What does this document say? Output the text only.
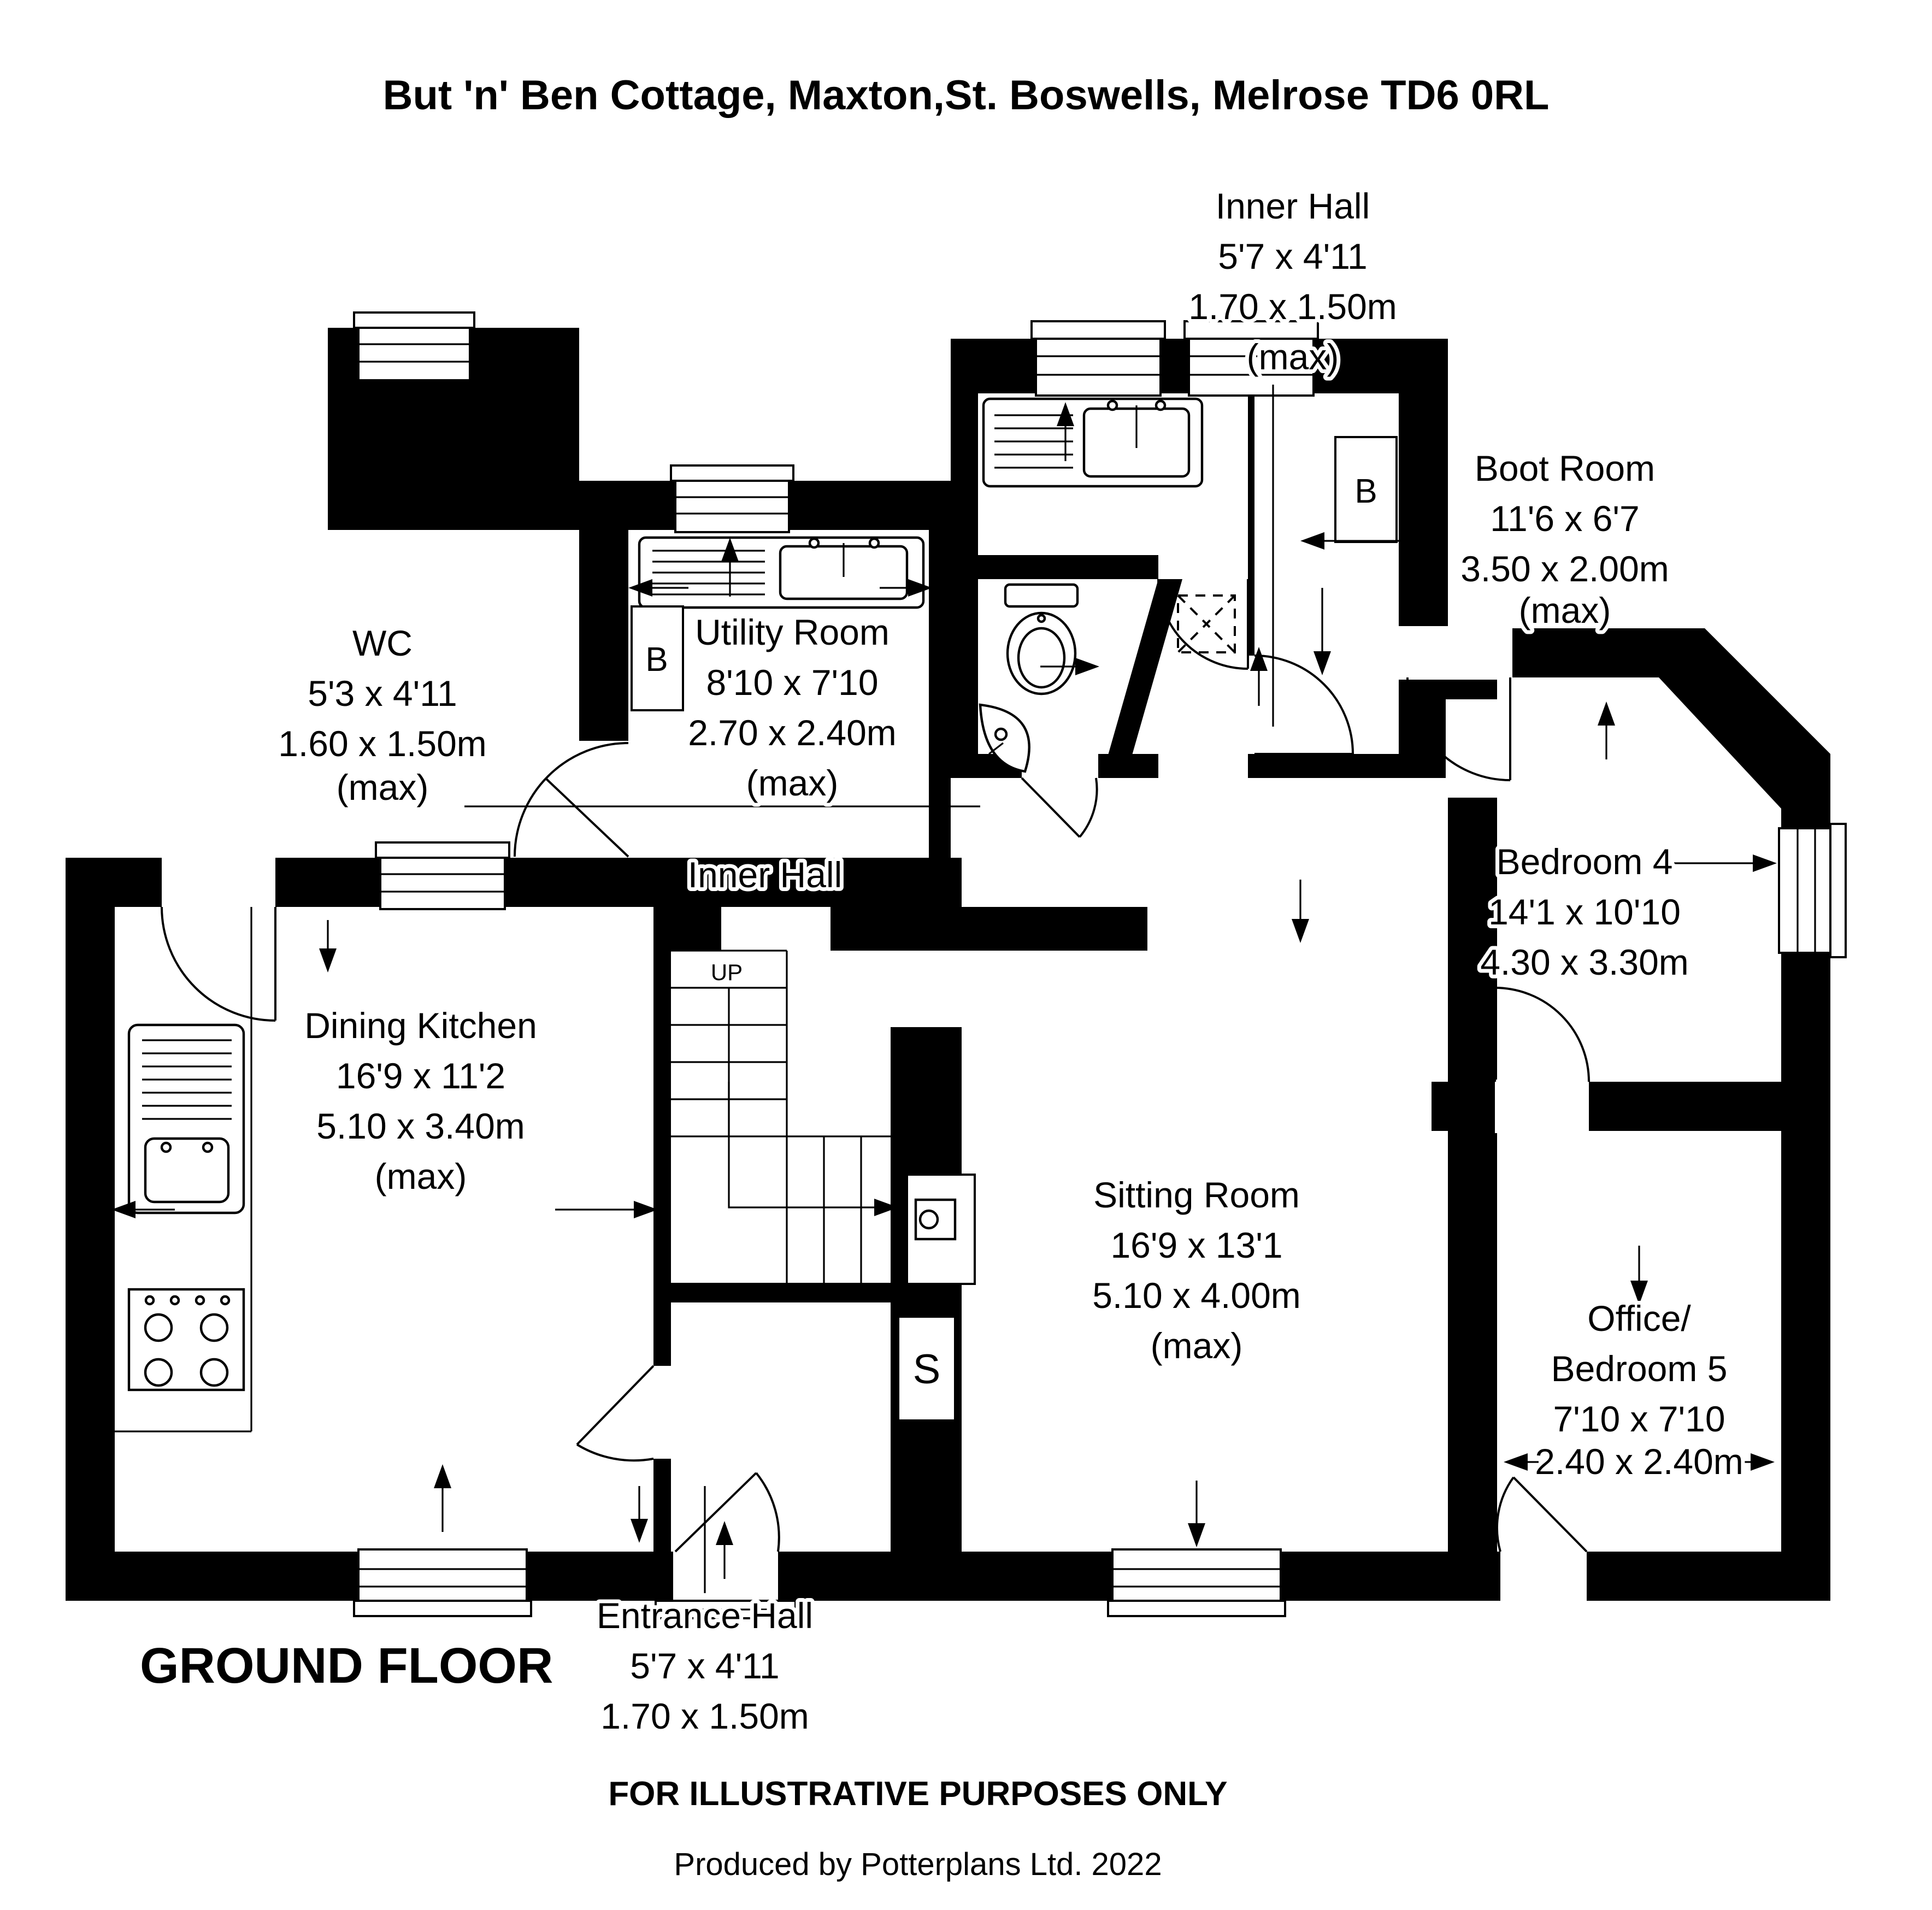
But 'n' Ben Cottage, Maxton,St. Boswells, Melrose TD6 0RL
Inner Hall
5'7 x 4'11
1.70 x 1.50m
(max)
Boot Room
11'6 x 6'7
3.50 x 2.00m
(max)
WC
5'3 x 4'11
1.60 x 1.50m
(max)
Utility Room
8'10 x 7'10
2.70 x 2.40m
(max)
Bedroom 4
14'1 x 10'10
4.30 x 3.30m
Dining Kitchen
16'9 x 11'2
5.10 x 3.40m
(max)
Inner Hall
Sitting Room
16'9 x 13'1
5.10 x 4.00m
(max)
Office/
Bedroom 5
7'10 x 7'10
2.40 x 2.40m
Entrance Hall
5'7 x 4'11
1.70 x 1.50m
UP
B
B
S
GROUND FLOOR
FOR ILLUSTRATIVE PURPOSES ONLY
Produced by Potterplans Ltd. 2022
